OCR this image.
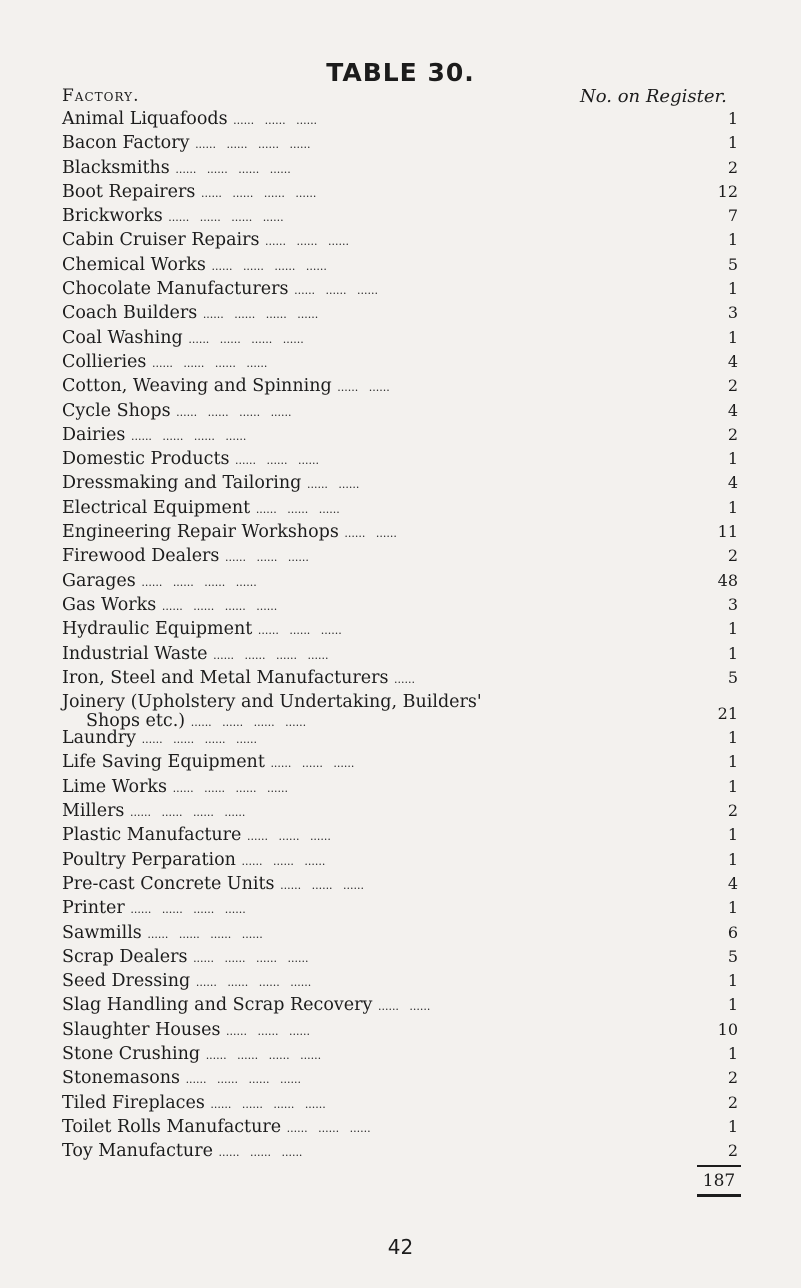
TABLE 30.
Factory.	No. on Register.
Animal Liquafoods ......   ......   ......	1
Bacon Factory ......   ......   ......   ......	1
Blacksmiths ......   ......   ......   ......	2
Boot Repairers ......   ......   ......   ......	12
Brickworks ......   ......   ......   ......	7
Cabin Cruiser Repairs ......   ......   ......	1
Chemical Works ......   ......   ......   ......	5
Chocolate Manufacturers ......   ......   ......	1
Coach Builders ......   ......   ......   ......	3
Coal Washing ......   ......   ......   ......	1
Collieries ......   ......   ......   ......	4
Cotton, Weaving and Spinning ......   ......	2
Cycle Shops ......   ......   ......   ......	4
Dairies ......   ......   ......   ......	2
Domestic Products ......   ......   ......	1
Dressmaking and Tailoring ......   ......	4
Electrical Equipment ......   ......   ......	1
Engineering Repair Workshops ......   ......	11
Firewood Dealers ......   ......   ......	2
Garages ......   ......   ......   ......	48
Gas Works ......   ......   ......   ......	3
Hydraulic Equipment ......   ......   ......	1
Industrial Waste ......   ......   ......   ......	1
Iron, Steel and Metal Manufacturers ......	5
Joinery (Upholstery and Undertaking, Builders'
Shops etc.) ......   ......   ......   ......	21
Laundry ......   ......   ......   ......	1
Life Saving Equipment ......   ......   ......	1
Lime Works ......   ......   ......   ......	1
Millers ......   ......   ......   ......	2
Plastic Manufacture ......   ......   ......	1
Poultry Perparation ......   ......   ......	1
Pre-cast Concrete Units ......   ......   ......	4
Printer ......   ......   ......   ......	1
Sawmills ......   ......   ......   ......	6
Scrap Dealers ......   ......   ......   ......	5
Seed Dressing ......   ......   ......   ......	1
Slag Handling and Scrap Recovery ......   ......	1
Slaughter Houses ......   ......   ......	10
Stone Crushing ......   ......   ......   ......	1
Stonemasons ......   ......   ......   ......	2
Tiled Fireplaces ......   ......   ......   ......	2
Toilet Rolls Manufacture ......   ......   ......	1
Toy Manufacture ......   ......   ......	2
187
42
